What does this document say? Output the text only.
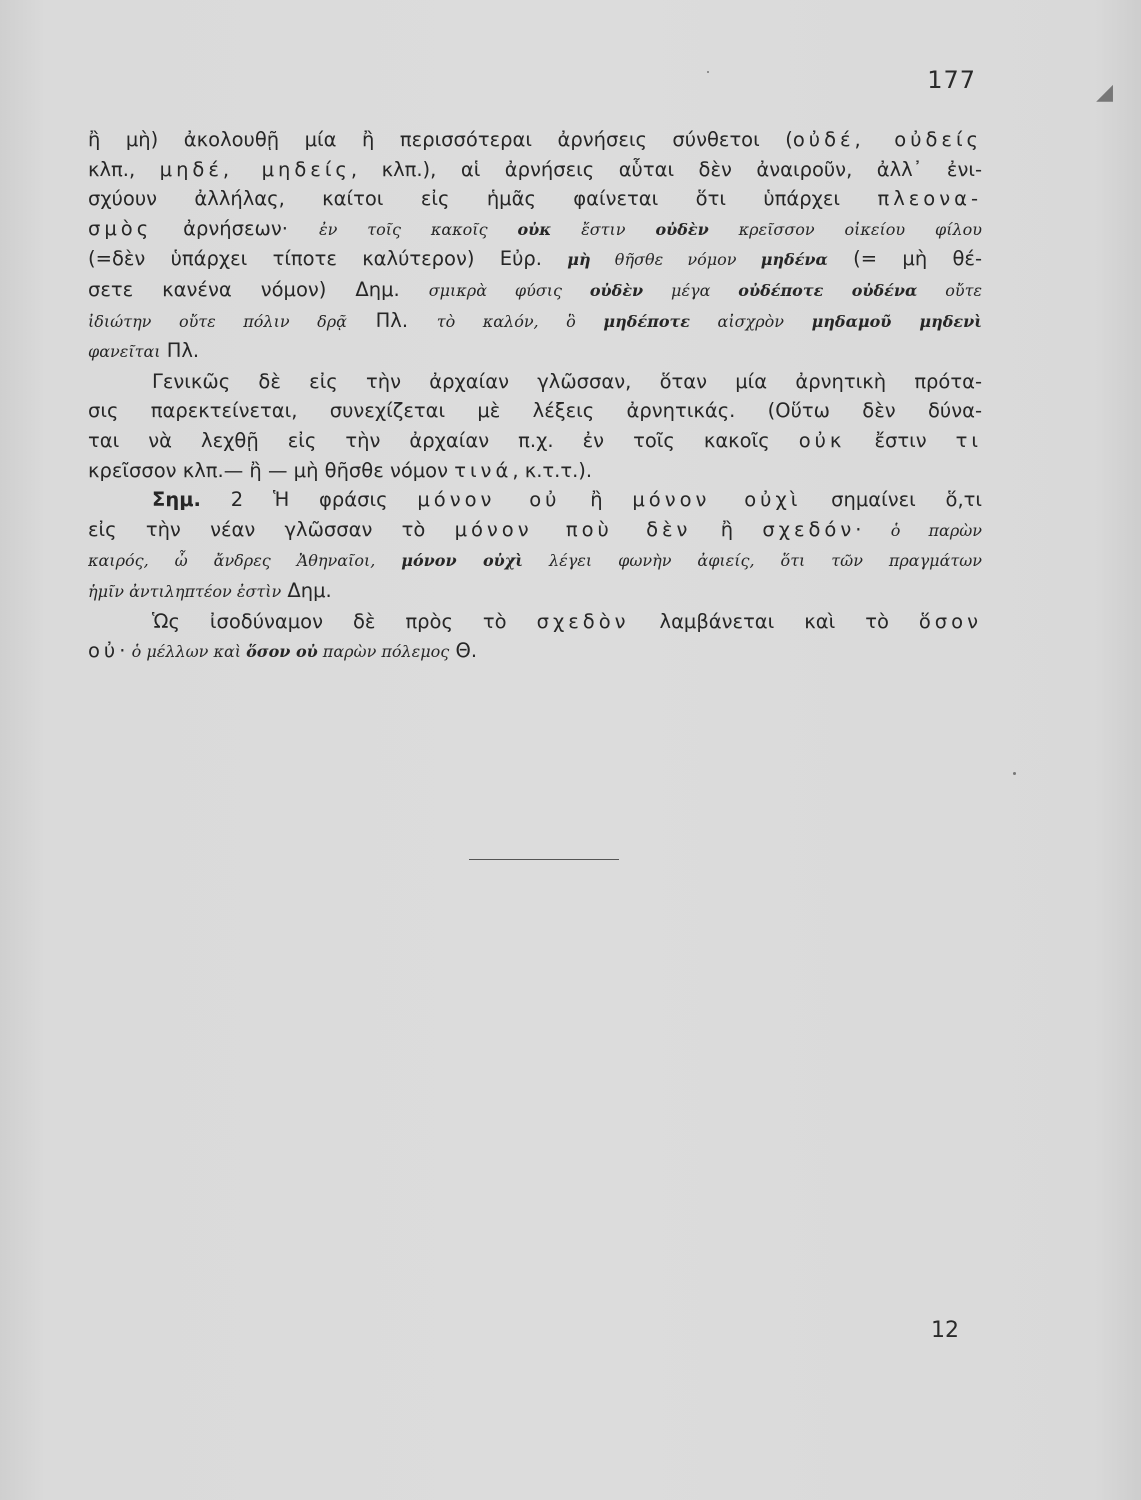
◢
177
ἢ μὴ) ἀκολουθῇ μία ἢ περισσότεραι ἀρνήσεις σύνθετοι (οὐδέ, οὐδείς
κλπ., μηδέ, μηδείς, κλπ.), αἱ ἀρνήσεις αὗται δὲν ἀναιροῦν, ἀλλ᾽ ἐνι-
σχύουν ἀλλήλας, καίτοι εἰς ἡμᾶς φαίνεται ὅτι ὑπάρχει πλεονα-
σμὸς ἀρνήσεων· ἐν τοῖς κακοῖς οὐκ ἔστιν οὐδὲν κρεῖσσον οἰκείου φίλου
(=δὲν ὑπάρχει τίποτε καλύτερον) Εὐρ. μὴ θῆσθε νόμον μηδένα (= μὴ θέ-
σετε κανένα νόμον) Δημ. σμικρὰ φύσις οὐδὲν μέγα οὐδέποτε οὐδένα οὔτε
ἰδιώτην οὔτε πόλιν δρᾷ Πλ. τὸ καλόν, ὃ μηδέποτε αἰσχρὸν μηδαμοῦ μηδενὶ
φανεῖται Πλ.
Γενικῶς δὲ εἰς τὴν ἀρχαίαν γλῶσσαν, ὅταν μία ἀρνητικὴ πρότα-
σις παρεκτείνεται, συνεχίζεται μὲ λέξεις ἀρνητικάς. (Οὕτω δὲν δύνα-
ται νὰ λεχθῇ εἰς τὴν ἀρχαίαν π.χ. ἐν τοῖς κακοῖς οὐκ ἔστιν τι
κρεῖσσον κλπ.— ἢ — μὴ θῆσθε νόμον τινά, κ.τ.τ.).
Σημ. 2 Ἡ φράσις μόνον οὐ ἢ μόνον οὐχὶ σημαίνει ὅ,τι
εἰς τὴν νέαν γλῶσσαν τὸ μόνον ποὺ δὲν ἢ σχεδόν· ὁ παρὼν
καιρός, ὦ ἄνδρες Ἀθηναῖοι, μόνον οὐχὶ λέγει φωνὴν ἀφιείς, ὅτι τῶν πραγμάτων
ἡμῖν ἀντιληπτέον ἐστὶν Δημ.
Ὡς ἰσοδύναμον δὲ πρὸς τὸ σχεδὸν λαμβάνεται καὶ τὸ ὅσον
οὐ· ὁ μέλλων καὶ ὅσον οὐ παρὼν πόλεμος Θ.
12
